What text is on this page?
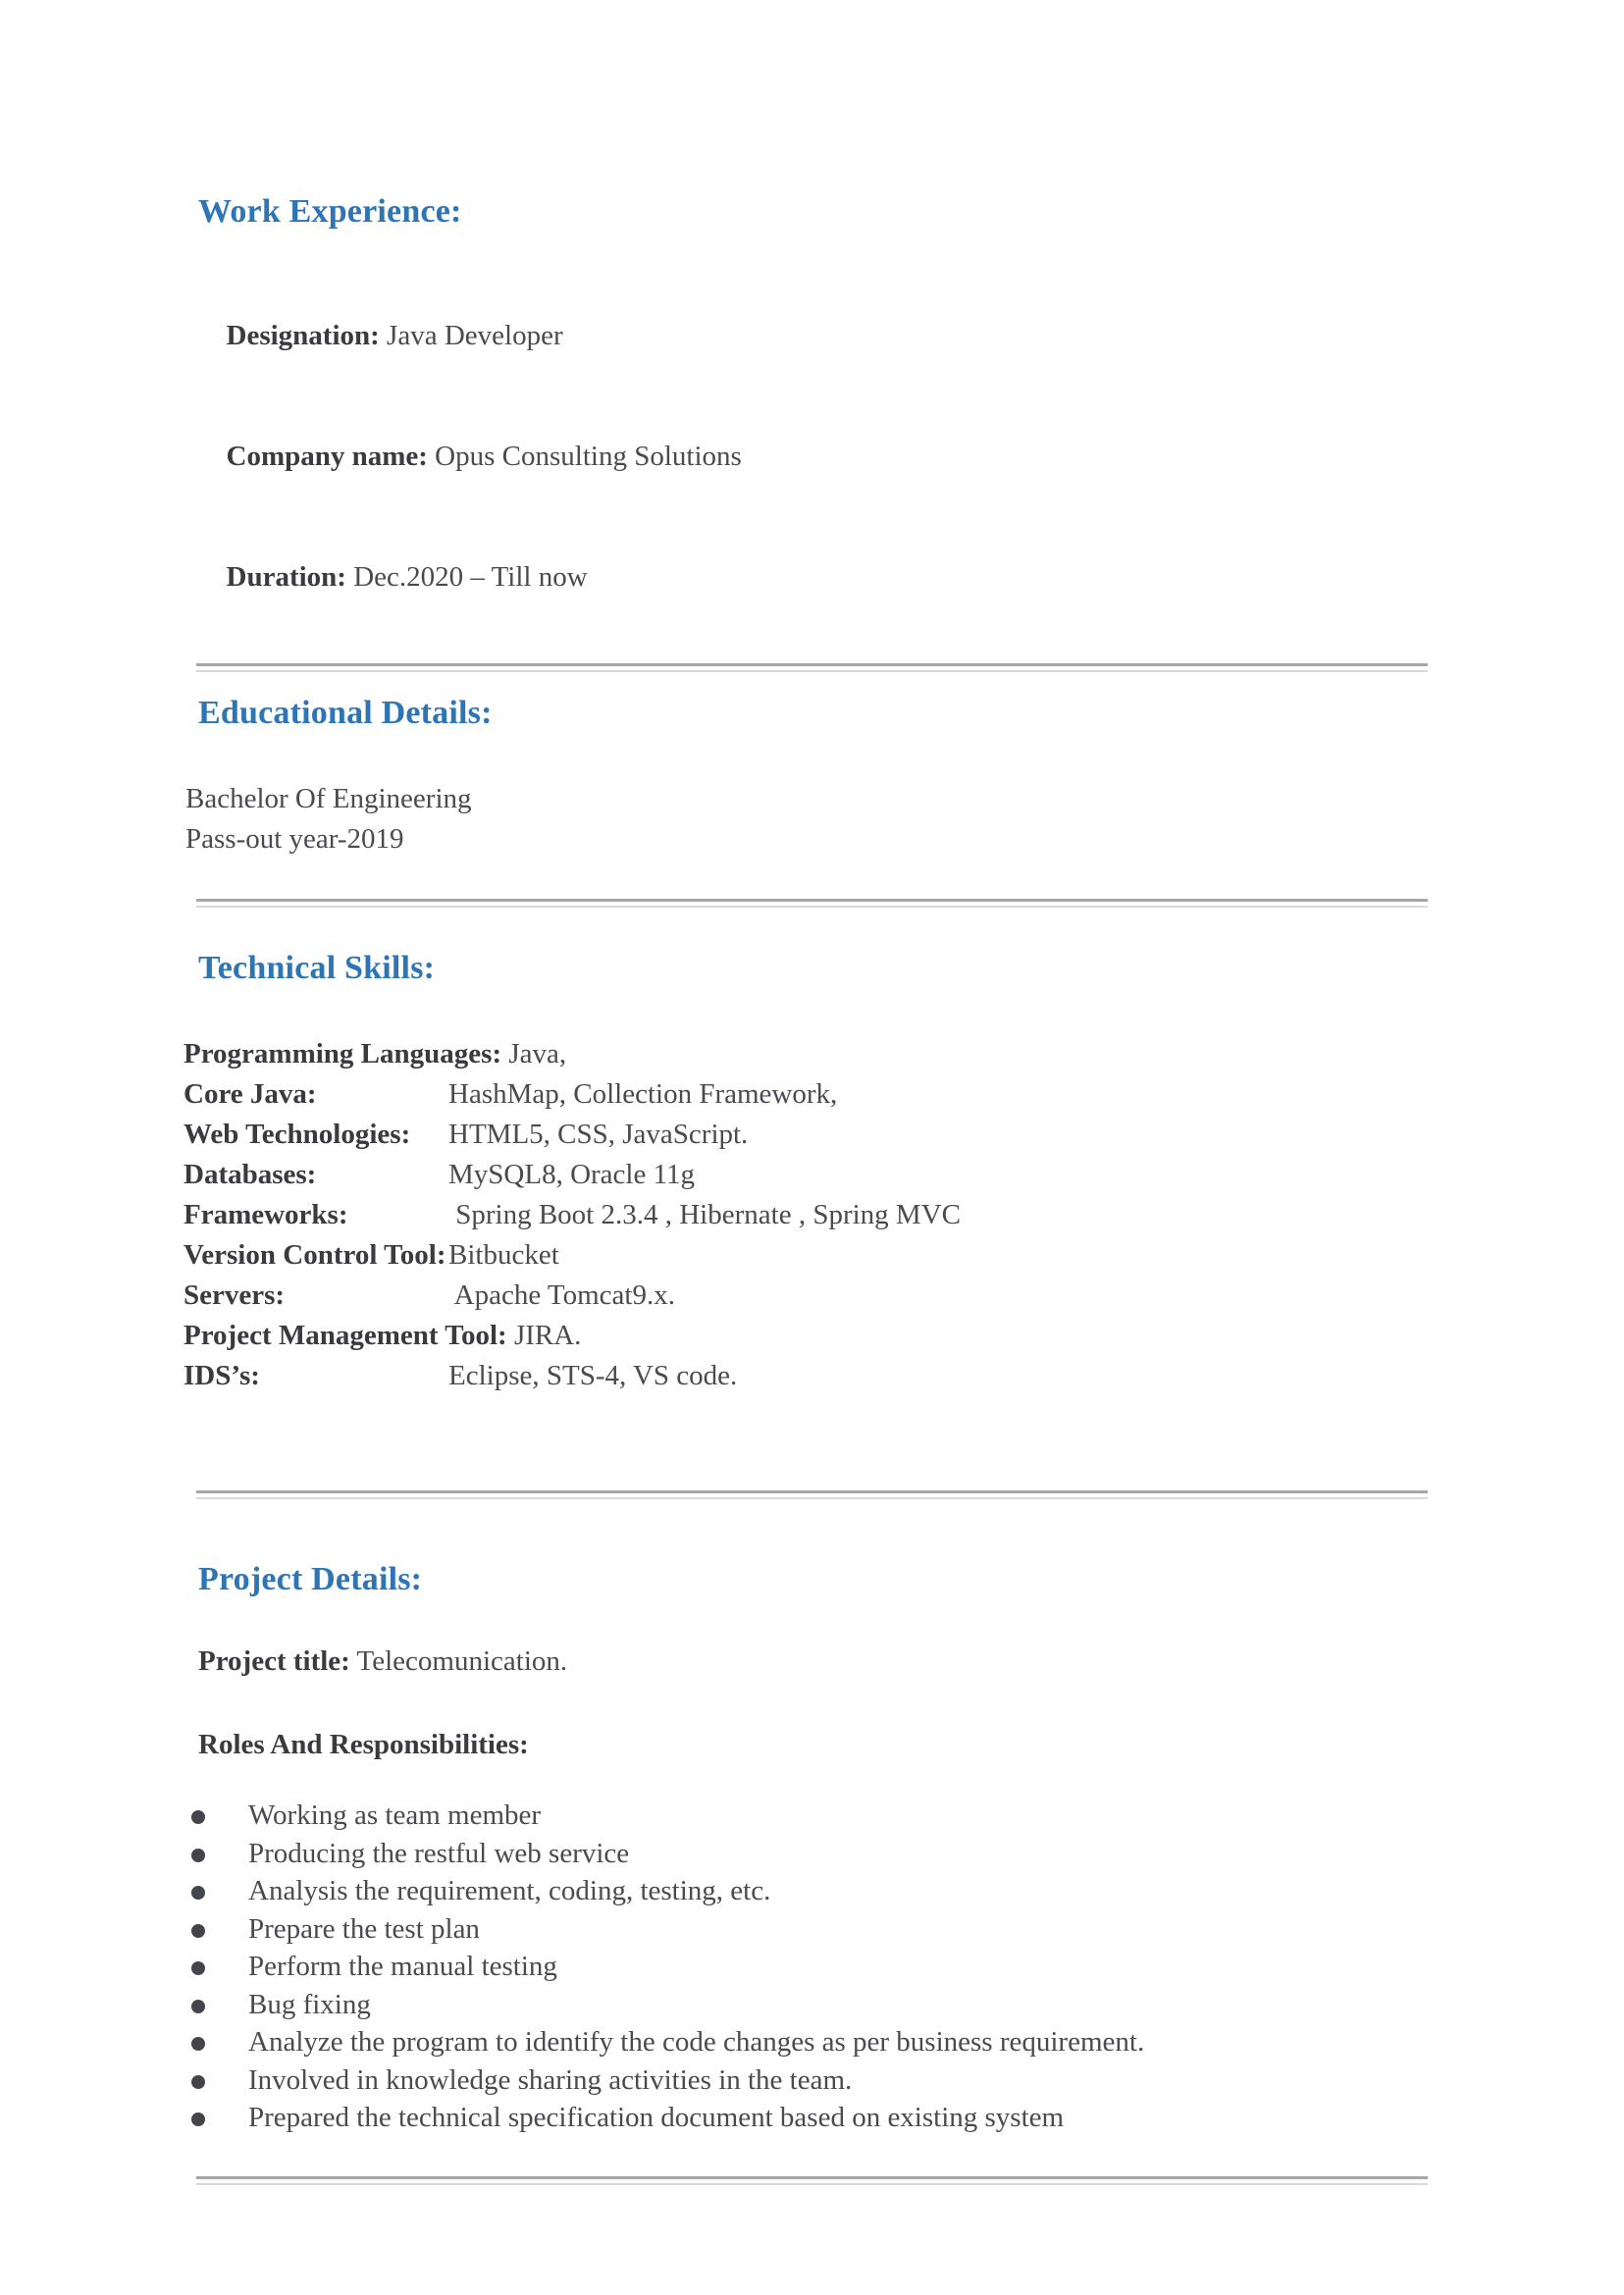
Work Experience:

Designation: Java Developer

Company name: Opus Consulting Solutions

Duration: Dec.2020 – Till now

Educational Details:
Bachelor Of Engineering
Pass-out year-2019
Technical Skills:
Programming Languages: Java,
Core Java:	HashMap, Collection Framework,
Web Technologies:	HTML5, CSS, JavaScript.
Databases:	MySQL8, Oracle 11g
Frameworks:	Spring Boot 2.3.4 , Hibernate , Spring MVC
Version Control Tool: Bitbucket
Servers:	Apache Tomcat9.x.
Project Management Tool: JIRA.
IDS’s:	Eclipse, STS-4, VS code.
Project Details:
Project title: Telecomunication.
Roles And Responsibilities:
Working as team member
Producing the restful web service
Analysis the requirement, coding, testing, etc.
Prepare the test plan
Perform the manual testing
Bug fixing
Analyze the program to identify the code changes as per business requirement.
Involved in knowledge sharing activities in the team.
Prepared the technical specification document based on existing system
